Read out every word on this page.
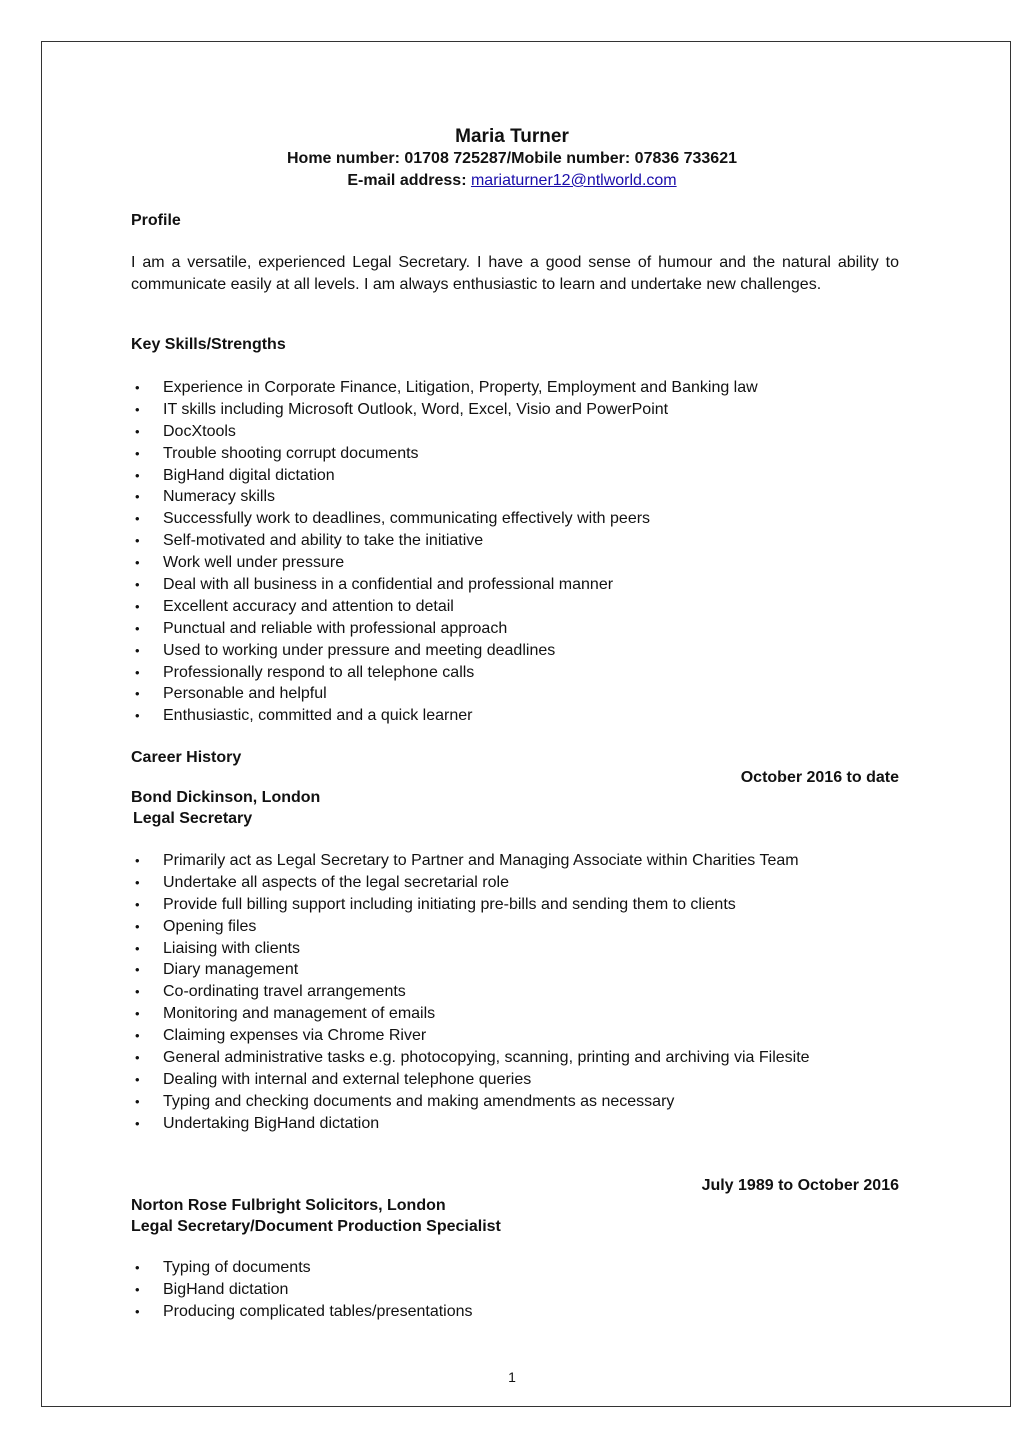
Maria Turner
Home number: 01708 725287/Mobile number: 07836 733621
E-mail address: mariaturner12@ntlworld.com
Profile

I am a versatile, experienced Legal Secretary. I have a good sense of humour and the natural ability to communicate easily at all levels. I am always enthusiastic to learn and undertake new challenges.

Key Skills/Strengths
• Experience in Corporate Finance, Litigation, Property, Employment and Banking law
• IT skills including Microsoft Outlook, Word, Excel, Visio and PowerPoint
• DocXtools
• Trouble shooting corrupt documents
• BigHand digital dictation
• Numeracy skills
• Successfully work to deadlines, communicating effectively with peers
• Self-motivated and ability to take the initiative
• Work well under pressure
• Deal with all business in a confidential and professional manner
• Excellent accuracy and attention to detail
• Punctual and reliable with professional approach
• Used to working under pressure and meeting deadlines
• Professionally respond to all telephone calls
• Personable and helpful
• Enthusiastic, committed and a quick learner
Career History
October 2016 to date
Bond Dickinson, London
Legal Secretary
• Primarily act as Legal Secretary to Partner and Managing Associate within Charities Team
• Undertake all aspects of the legal secretarial role
• Provide full billing support including initiating pre-bills and sending them to clients
• Opening files
• Liaising with clients
• Diary management
• Co-ordinating travel arrangements
• Monitoring and management of emails
• Claiming expenses via Chrome River
• General administrative tasks e.g. photocopying, scanning, printing and archiving via Filesite
• Dealing with internal and external telephone queries
• Typing and checking documents and making amendments as necessary
• Undertaking BigHand dictation
July 1989 to October 2016
Norton Rose Fulbright Solicitors, London
Legal Secretary/Document Production Specialist
• Typing of documents
• BigHand dictation
• Producing complicated tables/presentations
1
